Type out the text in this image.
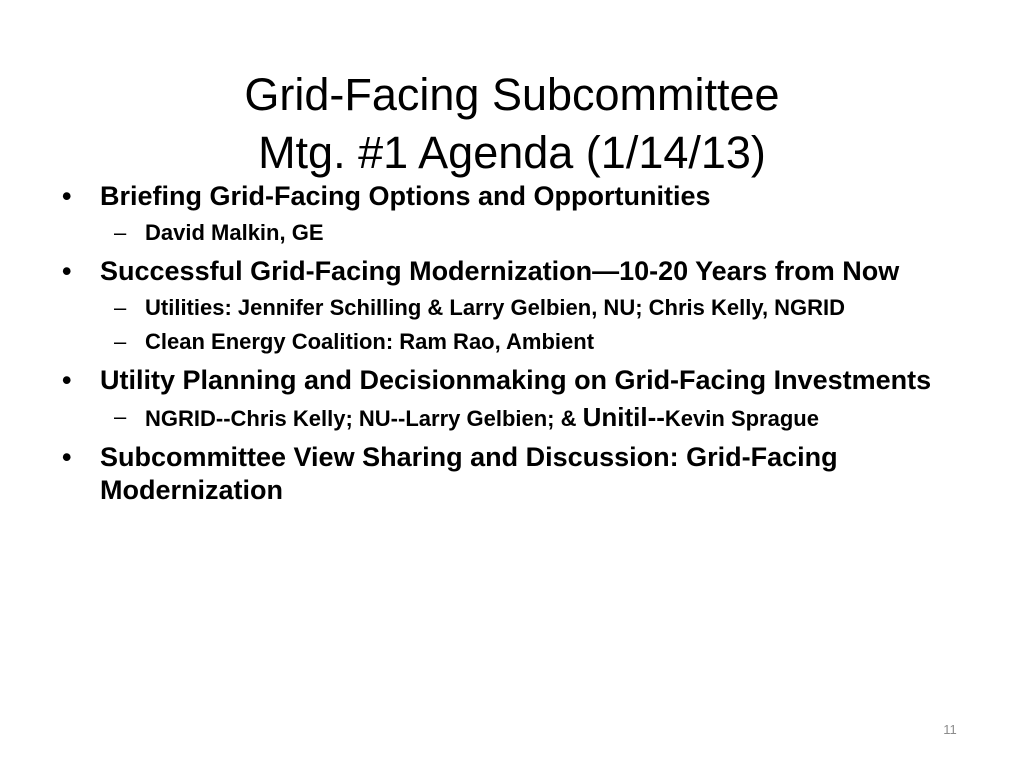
Grid-Facing Subcommittee
Mtg. #1 Agenda (1/14/13)
• Briefing Grid-Facing Options and Opportunities
– David Malkin, GE
• Successful Grid-Facing Modernization—10-20 Years from Now
– Utilities: Jennifer Schilling & Larry Gelbien, NU; Chris Kelly, NGRID
– Clean Energy Coalition: Ram Rao, Ambient
• Utility Planning and Decisionmaking on Grid-Facing Investments
– NGRID--Chris Kelly; NU--Larry Gelbien; & Unitil--Kevin Sprague
• Subcommittee View Sharing and Discussion: Grid-Facing Modernization
11
